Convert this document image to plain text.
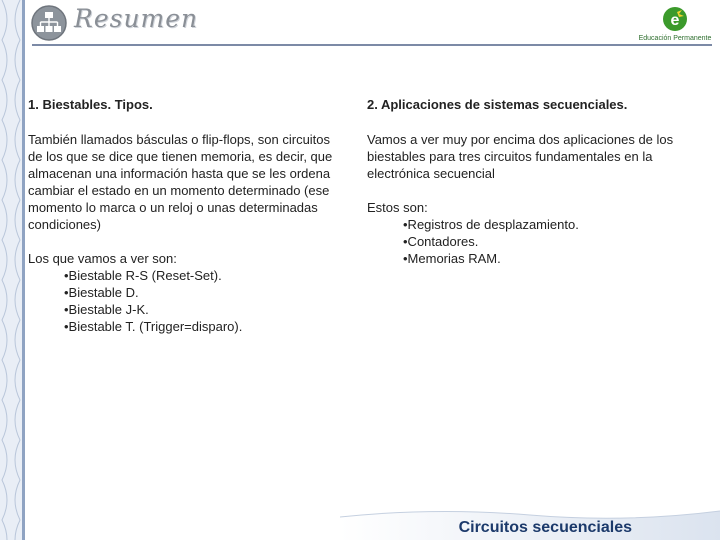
Resumen	e
Educación Permanente
1. Biestables. Tipos.

También llamados básculas o flip-flops, son circuitos de los que se dice que tienen memoria, es decir, que almacenan una información hasta que se les ordena cambiar el estado en un momento determinado (ese momento lo marca o un reloj o unas determinadas condiciones)

Los que vamos a ver son:
•Biestable R-S (Reset-Set).
•Biestable D.
•Biestable J-K.
•Biestable T. (Trigger=disparo).
2. Aplicaciones de sistemas secuenciales.

Vamos a ver muy por encima dos aplicaciones de los biestables para tres circuitos fundamentales en la electrónica secuencial

Estos son:
•Registros de desplazamiento.
•Contadores.
•Memorias RAM.
Circuitos secuenciales
